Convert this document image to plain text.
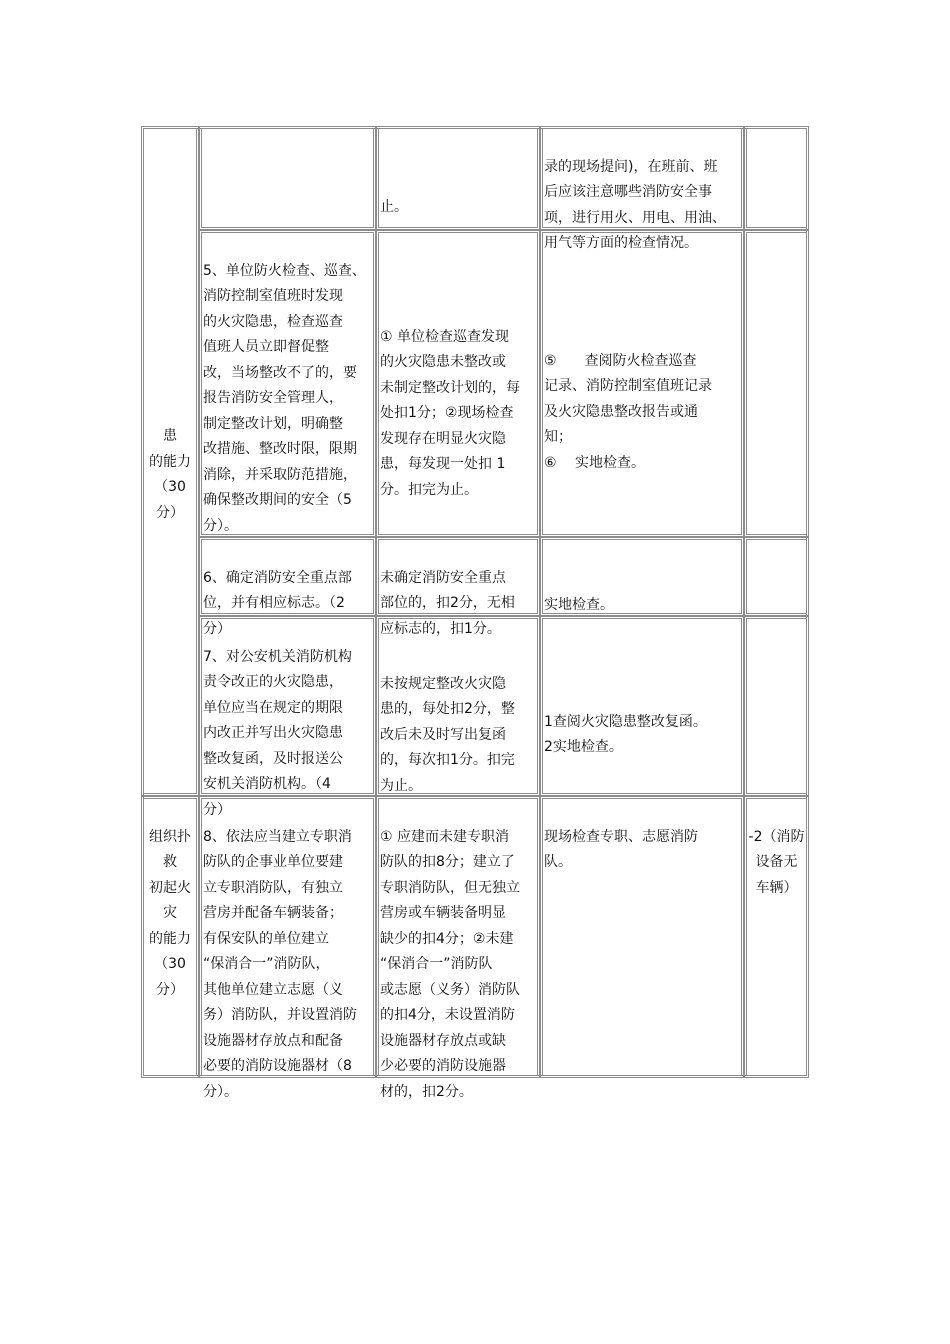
患
的能力
（30
分）

止。

录的现场提问)，在班前、班
后应该注意哪些消防安全事
项，进行用火、用电、用油、
用气等方面的检查情况。

5、单位防火检查、巡查、
消防控制室值班时发现
的火灾隐患，检查巡查
值班人员立即督促整
改，当场整改不了的，要
报告消防安全管理人，
制定整改计划，明确整
改措施、整改时限，限期
消除，并采取防范措施，
确保整改期间的安全（5
分）。

① 单位检查巡查发现
的火灾隐患未整改或
未制定整改计划的，每
处扣1分；②现场检查
发现存在明显火灾隐
患，每发现一处扣 1
分。扣完为止。

⑤　　查阅防火检查巡查
记录、消防控制室值班记录
及火灾隐患整改报告或通
知；
⑥　 实地检查。

6、确定消防安全重点部
位，并有相应标志。（2
分）

未确定消防安全重点
部位的，扣2分，无相
应标志的，扣1分。

实地检查。

7、对公安机关消防机构
责令改正的火灾隐患，
单位应当在规定的期限
内改正并写出火灾隐患
整改复函，及时报送公
安机关消防机构。（4
分）

未按规定整改火灾隐
患的，每处扣2分，整
改后未及时写出复函
的，每次扣1分。扣完
为止。

1查阅火灾隐患整改复函。
2实地检查。

组织扑
救
初起火
灾
的能力
（30
分）

8、依法应当建立专职消
防队的企事业单位要建
立专职消防队，有独立
营房并配备车辆装备；
有保安队的单位建立
“保消合一”消防队，
其他单位建立志愿（义
务）消防队，并设置消防
设施器材存放点和配备
必要的消防设施器材（8
分）。

① 应建而未建专职消
防队的扣8分；建立了
专职消防队，但无独立
营房或车辆装备明显
缺少的扣4分；②未建
“保消合一”消防队
或志愿（义务）消防队
的扣4分，未设置消防
设施器材存放点或缺
少必要的消防设施器
材的，扣2分。

现场检查专职、志愿消防
队。

-2（消防
设备无
车辆）
